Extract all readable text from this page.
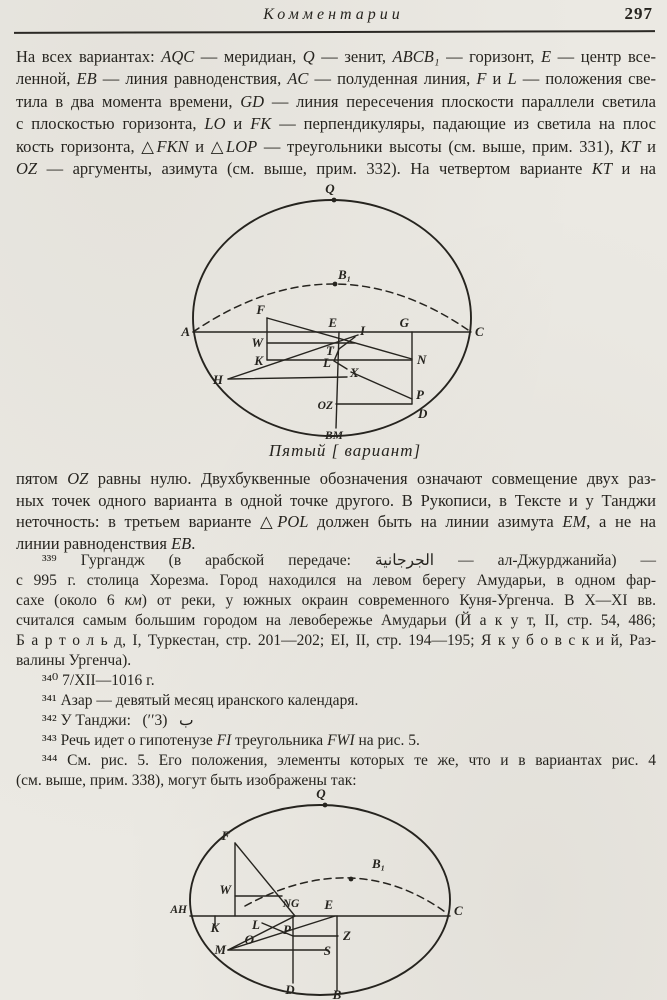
Комментарии	297
На всех вариантах: AQC — меридиан, Q — зенит, ABCB₁ — горизонт, E — центр все-
ленной, EB — линия равноденствия, AC — полуденная линия, F и L — положения све-
тила в два момента времени, GD — линия пересечения плоскости параллели светила
с плоскостью горизонта, LO и FK — перпендикуляры, падающие из светила на плос
кость горизонта, △FKN и △LOP — треугольники высоты (см. выше, прим. 331), KT и
OZ — аргументы, азимута (см. выше, прим. 332). На четвертом варианте KT и на
Q
B₁
A	C
E	G
F
W
K
H
I
T
L
X
OZ
N
P
D
BM
Пятый [ вариант]
пятом OZ равны нулю. Двухбуквенные обозначения означают совмещение двух раз-
ных точек одного варианта в одной точке другого. В Рукописи, в Тексте и у Танджи
неточность: в третьем варианте △POL должен быть на линии азимута EM, а не на
линии равноденствия EB.
³³⁹ Гургандж (в арабской передаче: الجرجانية — ал-Джурджанийа) —
с 995 г. столица Хорезма. Город находился на левом берегу Амударьи, в одном фар-
сахе (около 6 км) от реки, у южных окраин современного Куня-Ургенча. В X—XI вв.
считался самым большим городом на левобережье Амударьи (Й а к у т, II, стр. 54, 486;
Б а р т о л ь д, I, Туркестан, стр. 201—202; EI, II, стр. 194—195; Я к у б о в с к и й, Раз-
валины Ургенча).
³⁴⁰ 7/XII—1016 г.
³⁴¹ Азар — девятый месяц иранского календаря.
³⁴² У Танджи:  ب  (3′′)
³⁴³ Речь идет о гипотенузе FI треугольника FWI на рис. 5.
³⁴⁴ См. рис. 5. Его положения, элементы которых те же, что и в вариантах рис. 4
(см. выше, прим. 338), могут быть изображены так:
Q
B₁
F
W
AH	C
E
NG
K	L
O
P	Z
S
M
D	B
